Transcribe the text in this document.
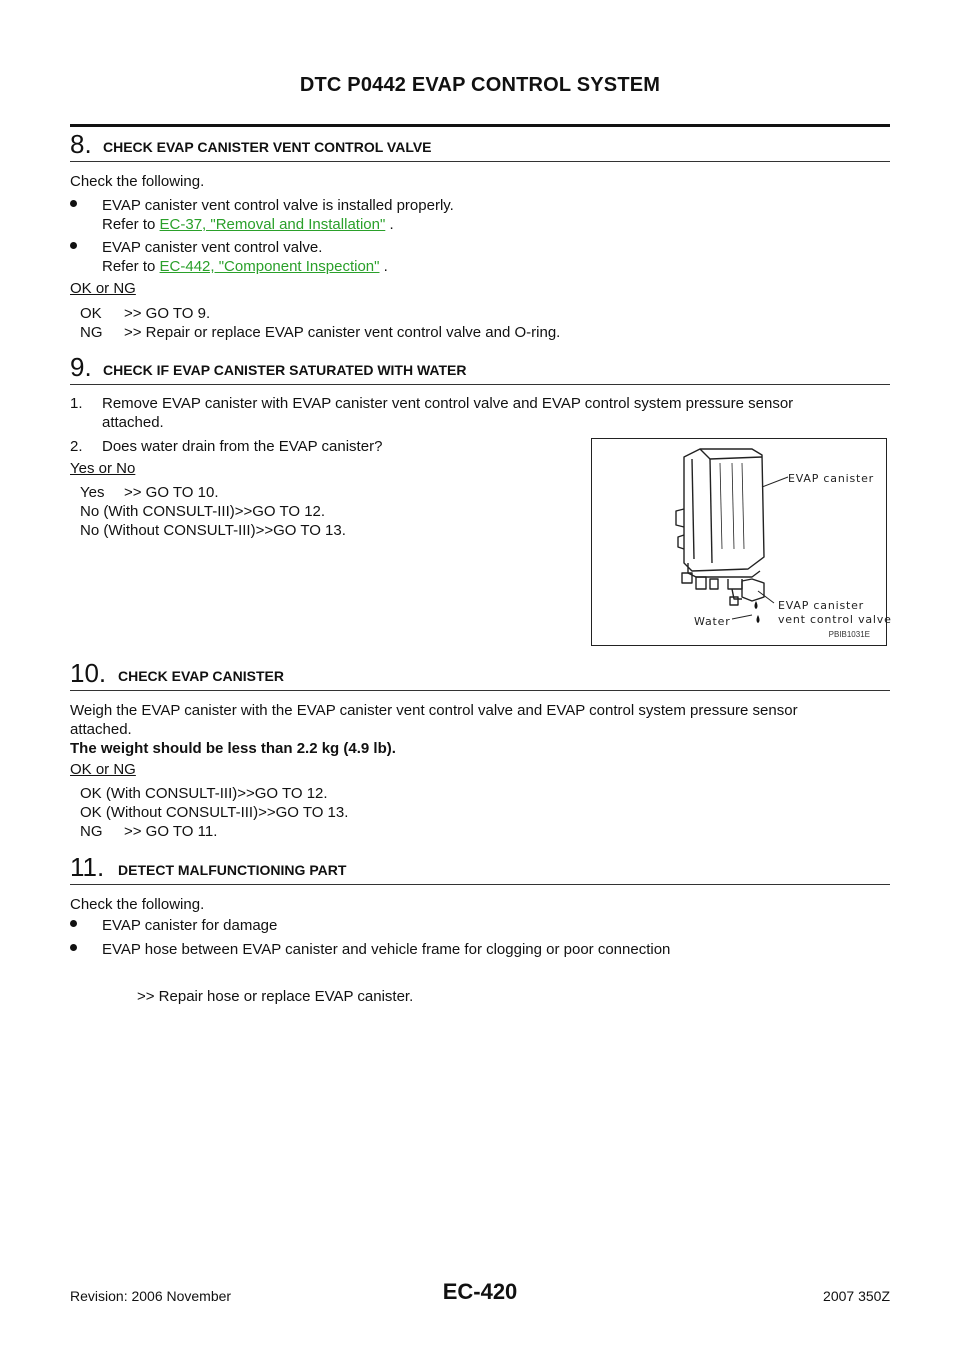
DTC P0442 EVAP CONTROL SYSTEM
8. CHECK EVAP CANISTER VENT CONTROL VALVE
Check the following.
EVAP canister vent control valve is installed properly.
Refer to EC-37, "Removal and Installation" .
EVAP canister vent control valve.
Refer to EC-442, "Component Inspection" .
OK or NG
OK >> GO TO 9.
NG >> Repair or replace EVAP canister vent control valve and O-ring.
9. CHECK IF EVAP CANISTER SATURATED WITH WATER
1. Remove EVAP canister with EVAP canister vent control valve and EVAP control system pressure sensor
attached.
2. Does water drain from the EVAP canister?
Yes or No
Yes >> GO TO 10.
No (With CONSULT-III)>>GO TO 12.
No (Without CONSULT-III)>>GO TO 13.
EVAP canister
EVAP canister
vent control valve
Water
PBIB1031E
10. CHECK EVAP CANISTER
Weigh the EVAP canister with the EVAP canister vent control valve and EVAP control system pressure sensor
attached.
The weight should be less than 2.2 kg (4.9 lb).
OK or NG
OK (With CONSULT-III)>>GO TO 12.
OK (Without CONSULT-III)>>GO TO 13.
NG >> GO TO 11.
11. DETECT MALFUNCTIONING PART
Check the following.
EVAP canister for damage
EVAP hose between EVAP canister and vehicle frame for clogging or poor connection
>> Repair hose or replace EVAP canister.
Revision: 2006 November	EC-420	2007 350Z
